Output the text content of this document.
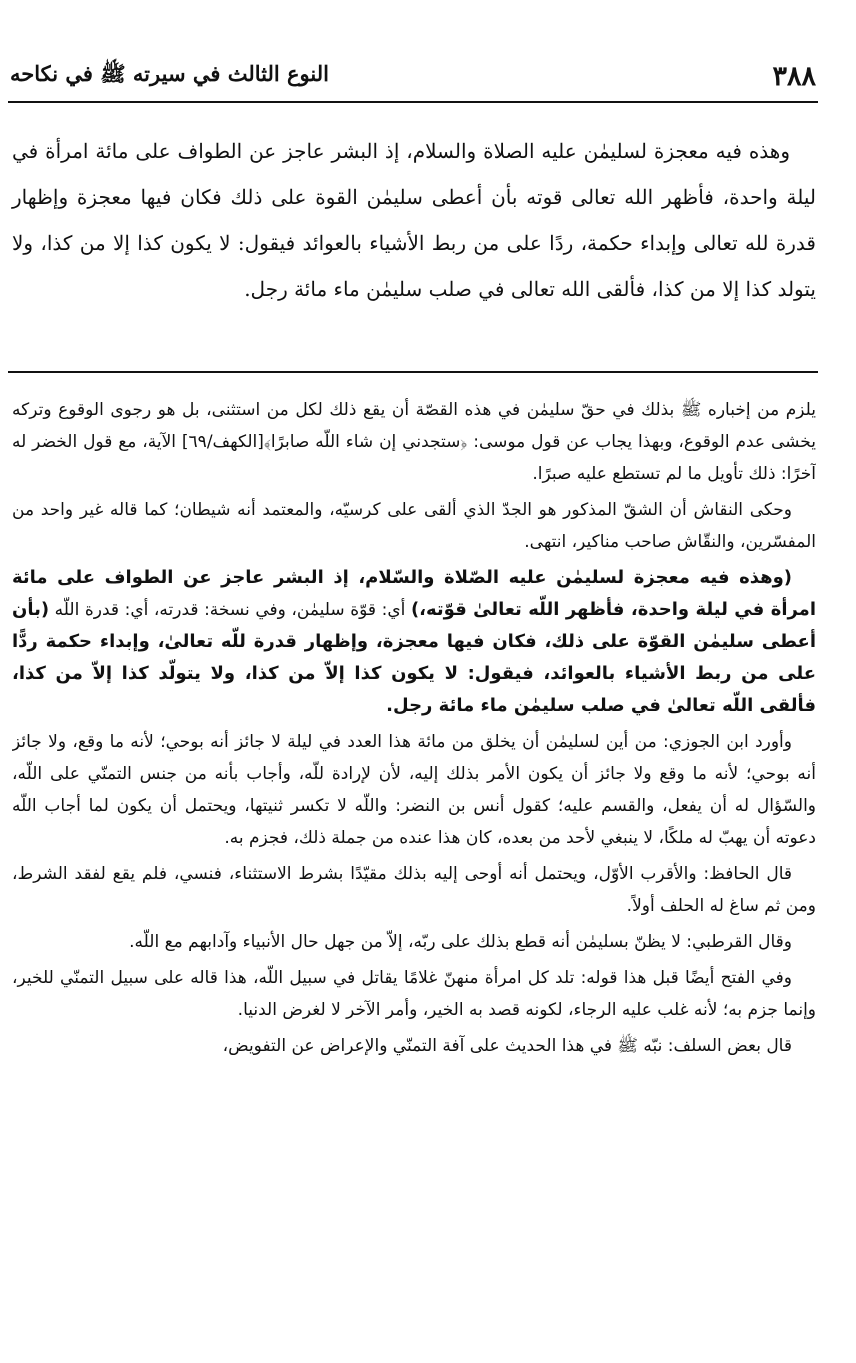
٣٨٨
النوع الثالث في سيرته ﷺ في نكاحه

وهذه فيه معجزة لسليمٰن عليه الصلاة والسلام، إذ البشر عاجز عن الطواف على مائة امرأة في ليلة واحدة، فأظهر الله تعالى قوته بأن أعطى سليمٰن القوة على ذلك فكان فيها معجزة وإظهار قدرة لله تعالى وإبداء حكمة، ردًا على من ربط الأشياء بالعوائد فيقول: لا يكون كذا إلا من كذا، ولا يتولد كذا إلا من كذا، فألقى الله تعالى في صلب سليمٰن ماء مائة رجل.

يلزم من إخباره ﷺ بذلك في حقّ سليمٰن في هذه القصّة أن يقع ذلك لكل من استثنى، بل هو رجوى الوقوع وتركه يخشى عدم الوقوع، وبهذا يجاب عن قول موسى: ﴿ستجدني إن شاء اللّه صابرًا﴾[الكهف/٦٩] الآية، مع قول الخضر له آخرًا: ذلك تأويل ما لم تستطع عليه صبرًا.

وحكى النقاش أن الشقّ المذكور هو الجدّ الذي ألقى على كرسيّه، والمعتمد أنه شيطان؛ كما قاله غير واحد من المفسّرين، والنقّاش صاحب مناكير، انتهى.

(وهذه فيه معجزة لسليمٰن عليه الصّلاة والسّلام، إذ البشر عاجز عن الطواف على مائة امرأة في ليلة واحدة، فأظهر اللّه تعالىٰ قوّته،) أي: قوّة سليمٰن، وفي نسخة: قدرته، أي: قدرة اللّه (بأن أعطى سليمٰن القوّة على ذلك، فكان فيها معجزة، وإظهار قدرة للّه تعالىٰ، وإبداء حكمة ردًّا على من ربط الأشياء بالعوائد، فيقول: لا يكون كذا إلاّ من كذا، ولا يتولّد كذا إلاّ من كذا، فألقى اللّه تعالىٰ في صلب سليمٰن ماء مائة رجل.

وأورد ابن الجوزي: من أين لسليمٰن أن يخلق من مائة هذا العدد في ليلة لا جائز أنه بوحي؛ لأنه ما وقع، ولا جائز أنه بوحي؛ لأنه ما وقع ولا جائز أن يكون الأمر بذلك إليه، لأن لإرادة للّه، وأجاب بأنه من جنس التمنّي على اللّه، والسّؤال له أن يفعل، والقسم عليه؛ كقول أنس بن النضر: واللّه لا تكسر ثنيتها، ويحتمل أن يكون لما أجاب اللّه دعوته أن يهبّ له ملكًا، لا ينبغي لأحد من بعده، كان هذا عنده من جملة ذلك، فجزم به.

قال الحافظ: والأقرب الأوّل، ويحتمل أنه أوحى إليه بذلك مقيّدًا بشرط الاستثناء، فنسي، فلم يقع لفقد الشرط، ومن ثم ساغ له الحلف أولاً.

وقال القرطبي: لا يظنّ بسليمٰن أنه قطع بذلك على ربّه، إلاّ من جهل حال الأنبياء وآدابهم مع اللّه.

وفي الفتح أيضًا قبل هذا قوله: تلد كل امرأة منهنّ غلامًا يقاتل في سبيل اللّه، هذا قاله على سبيل التمنّي للخير، وإنما جزم به؛ لأنه غلب عليه الرجاء، لكونه قصد به الخير، وأمر الآخر لا لغرض الدنيا.

قال بعض السلف: نبّه ﷺ في هذا الحديث على آفة التمنّي والإعراض عن التفويض،
